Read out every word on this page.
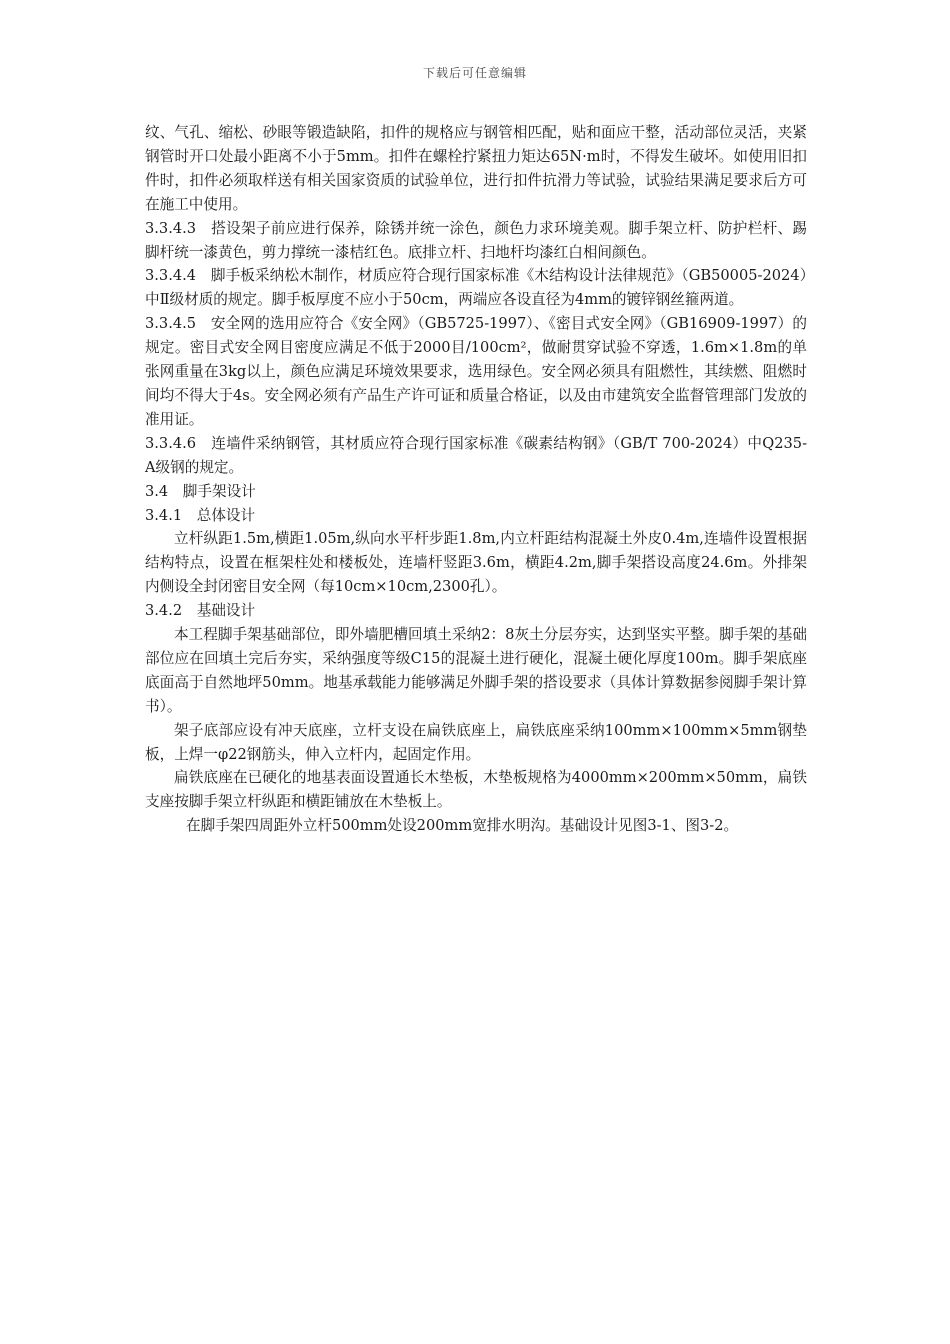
下载后可任意编辑

纹、气孔、缩松、砂眼等锻造缺陷，扣件的规格应与钢管相匹配，贴和面应干整，活动部位灵活，夹紧钢管时开口处最小距离不小于5mm。扣件在螺栓拧紧扭力矩达65N·m时，不得发生破坏。如使用旧扣件时，扣件必须取样送有相关国家资质的试验单位，进行扣件抗滑力等试验，试验结果满足要求后方可在施工中使用。

3.3.4.3　搭设架子前应进行保养，除锈并统一涂色，颜色力求环境美观。脚手架立杆、防护栏杆、踢脚杆统一漆黄色，剪力撑统一漆桔红色。底排立杆、扫地杆均漆红白相间颜色。

3.3.4.4　脚手板采纳松木制作，材质应符合现行国家标准《木结构设计法律规范》（GB50005-2024）中Ⅱ级材质的规定。脚手板厚度不应小于50cm，两端应各设直径为4mm的镀锌钢丝箍两道。

3.3.4.5　安全网的选用应符合《安全网》（GB5725-1997）、《密目式安全网》（GB16909-1997）的规定。密目式安全网目密度应满足不低于2000目/100cm²，做耐贯穿试验不穿透，1.6m×1.8m的单张网重量在3kg以上，颜色应满足环境效果要求，选用绿色。安全网必须具有阻燃性，其续燃、阻燃时间均不得大于4s。安全网必须有产品生产许可证和质量合格证，以及由市建筑安全监督管理部门发放的准用证。

3.3.4.6　连墙件采纳钢管，其材质应符合现行国家标准《碳素结构钢》（GB/T 700-2024）中Q235-A级钢的规定。

3.4　脚手架设计

3.4.1　总体设计

立杆纵距1.5m,横距1.05m,纵向水平杆步距1.8m,内立杆距结构混凝土外皮0.4m,连墙件设置根据结构特点，设置在框架柱处和楼板处，连墙杆竖距3.6m，横距4.2m,脚手架搭设高度24.6m。外排架内侧设全封闭密目安全网（每10cm×10cm,2300孔）。

3.4.2　基础设计

本工程脚手架基础部位，即外墙肥槽回填土采纳2：8灰土分层夯实，达到坚实平整。脚手架的基础部位应在回填土完后夯实，采纳强度等级C15的混凝土进行硬化，混凝土硬化厚度100m。脚手架底座底面高于自然地坪50mm。地基承载能力能够满足外脚手架的搭设要求（具体计算数据参阅脚手架计算书）。

架子底部应设有冲天底座，立杆支设在扁铁底座上，扁铁底座采纳100mm×100mm×5mm钢垫板，上焊一φ22钢筋头，伸入立杆内，起固定作用。

扁铁底座在已硬化的地基表面设置通长木垫板，木垫板规格为4000mm×200mm×50mm，扁铁支座按脚手架立杆纵距和横距铺放在木垫板上。

在脚手架四周距外立杆500mm处设200mm宽排水明沟。基础设计见图3-1、图3-2。
